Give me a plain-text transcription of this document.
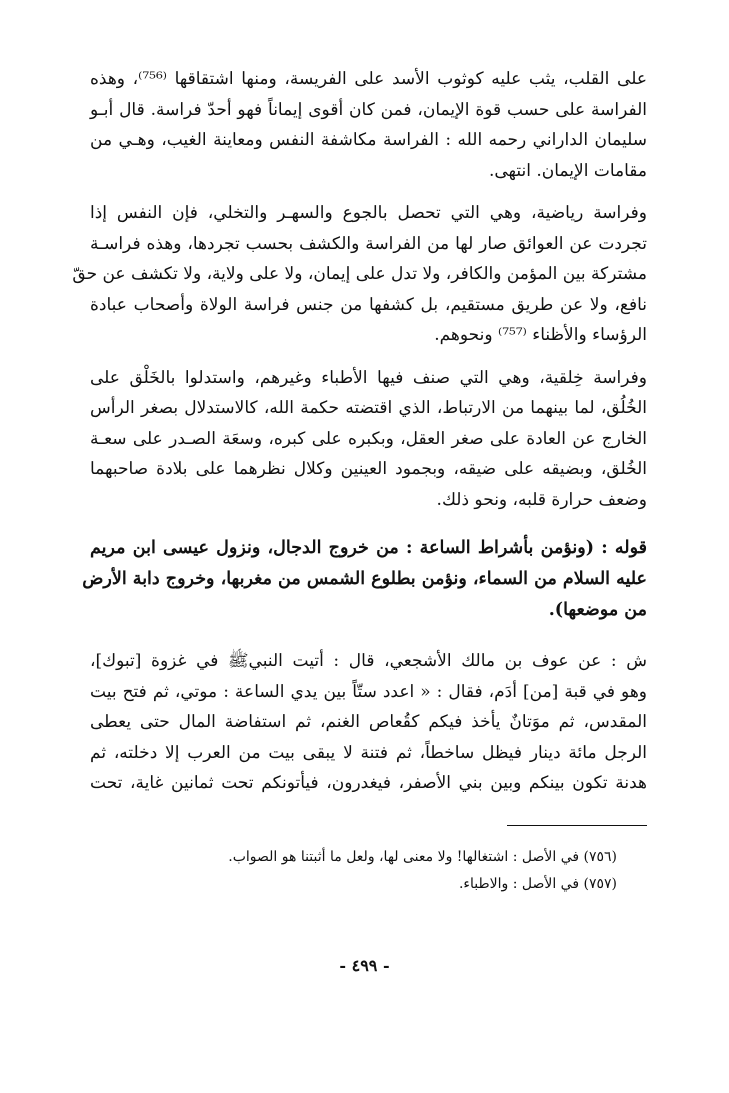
على القلب، يثب عليه كوثوب الأسد على الفريسة، ومنها اشتقاقها ⁽⁷⁵⁶⁾، وهذه
الفراسة على حسب قوة الإيمان، فمن كان أقوى إيماناً فهو أحدّ فراسة. قال أبـو
سليمان الداراني رحمه الله : الفراسة مكاشفة النفس ومعاينة الغيب، وهـي من
مقامات الإيمان. انتهى.
وفراسة رياضية، وهي التي تحصل بالجوع والسهـر والتخلي، فإن النفس إذا
تجردت عن العوائق صار لها من الفراسة والكشف بحسب تجردها، وهذه فراسـة
مشتركة بين المؤمن والكافر، ولا تدل على إيمان، ولا على ولاية، ولا تكشف عن حقّ
نافع، ولا عن طريق مستقيم، بل كشفها من جنس فراسة الولاة وأصحاب عبادة
الرؤساء والأظناء ⁽⁷⁵⁷⁾ ونحوهم.
وفراسة خِلقية، وهي التي صنف فيها الأطباء وغيرهم، واستدلوا بالخَلْق على
الخُلُق، لما بينهما من الارتباط، الذي اقتضته حكمة الله، كالاستدلال بصغر الرأس
الخارج عن العادة على صغر العقل، وبكبره على كبره، وسعَة الصـدر على سعـة
الخُلق، وبضيقه على ضيقه، وبجمود العينين وكلال نظرهما على بلادة صاحبهما
وضعف حرارة قلبه، ونحو ذلك.
قوله : (ونؤمن بأشراط الساعة : من خروج الدجال، ونزول عيسى ابن مريم
عليه السلام من السماء، ونؤمن بطلوع الشمس من مغربها، وخروج دابة الأرض
من موضعها).
ش : عن عوف بن مالك الأشجعي، قال : أتيت النبيﷺ في غزوة [تبوك]،
وهو في قبة [من] أدَم، فقال : « اعدد ستّاً بين يدي الساعة : موتي، ثم فتح بيت
المقدس، ثم موَتانٌ يأخذ فيكم كقُعاص الغنم، ثم استفاضة المال حتى يعطى
الرجل مائة دينار فيظل ساخطاً، ثم فتنة لا يبقى بيت من العرب إلا دخلته، ثم
هدنة تكون بينكم وبين بني الأصفر، فيغدرون، فيأتونكم تحت ثمانين غاية، تحت
(٧٥٦) في الأصل : اشتغالها! ولا معنى لها، ولعل ما أثبتنا هو الصواب.
(٧٥٧) في الأصل : والاطباء.
- ٤٩٩ -
